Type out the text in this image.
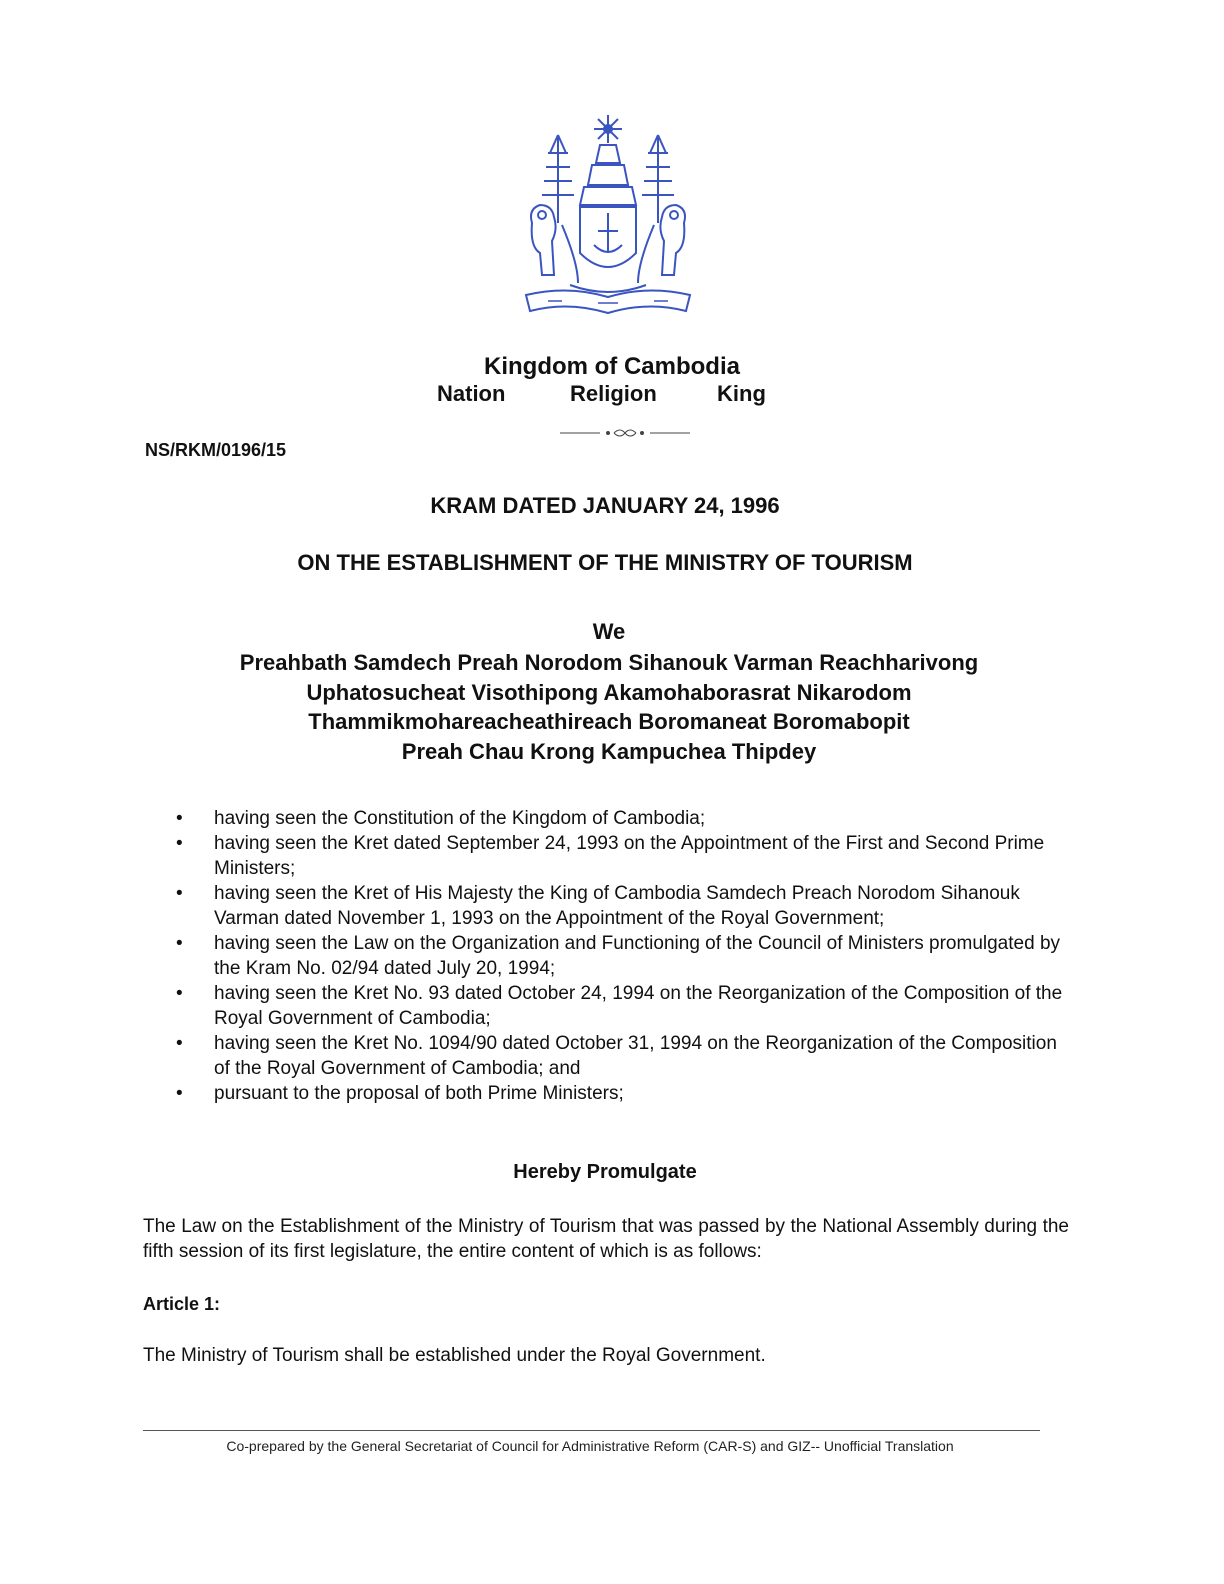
Kingdom of Cambodia
Nation	Religion	King
NS/RKM/0196/15
KRAM DATED JANUARY 24, 1996
ON THE ESTABLISHMENT OF THE MINISTRY OF TOURISM
We
Preahbath Samdech Preah Norodom Sihanouk Varman Reachharivong
Uphatosucheat Visothipong Akamohaborasrat Nikarodom
Thammikmohareacheathireach Boromaneat Boromabopit
Preah Chau Krong Kampuchea Thipdey
• having seen the Constitution of the Kingdom of Cambodia;
• having seen the Kret dated September 24, 1993 on the Appointment of the First and Second Prime Ministers;
• having seen the Kret of His Majesty the King of Cambodia Samdech Preach Norodom Sihanouk Varman dated November 1, 1993 on the Appointment of the Royal Government;
• having seen the Law on the Organization and Functioning of the Council of Ministers promulgated by the Kram No. 02/94 dated July 20, 1994;
• having seen the Kret No. 93 dated October 24, 1994 on the Reorganization of the Composition of the Royal Government of Cambodia;
• having seen the Kret No. 1094/90 dated October 31, 1994 on the Reorganization of the Composition of the Royal Government of Cambodia; and
• pursuant to the proposal of both Prime Ministers;
Hereby Promulgate
The Law on the Establishment of the Ministry of Tourism that was passed by the National Assembly during the fifth session of its first legislature, the entire content of which is as follows:
Article 1:
The Ministry of Tourism shall be established under the Royal Government.
Co-prepared by the General Secretariat of Council for Administrative Reform (CAR-S) and GIZ-- Unofficial Translation
